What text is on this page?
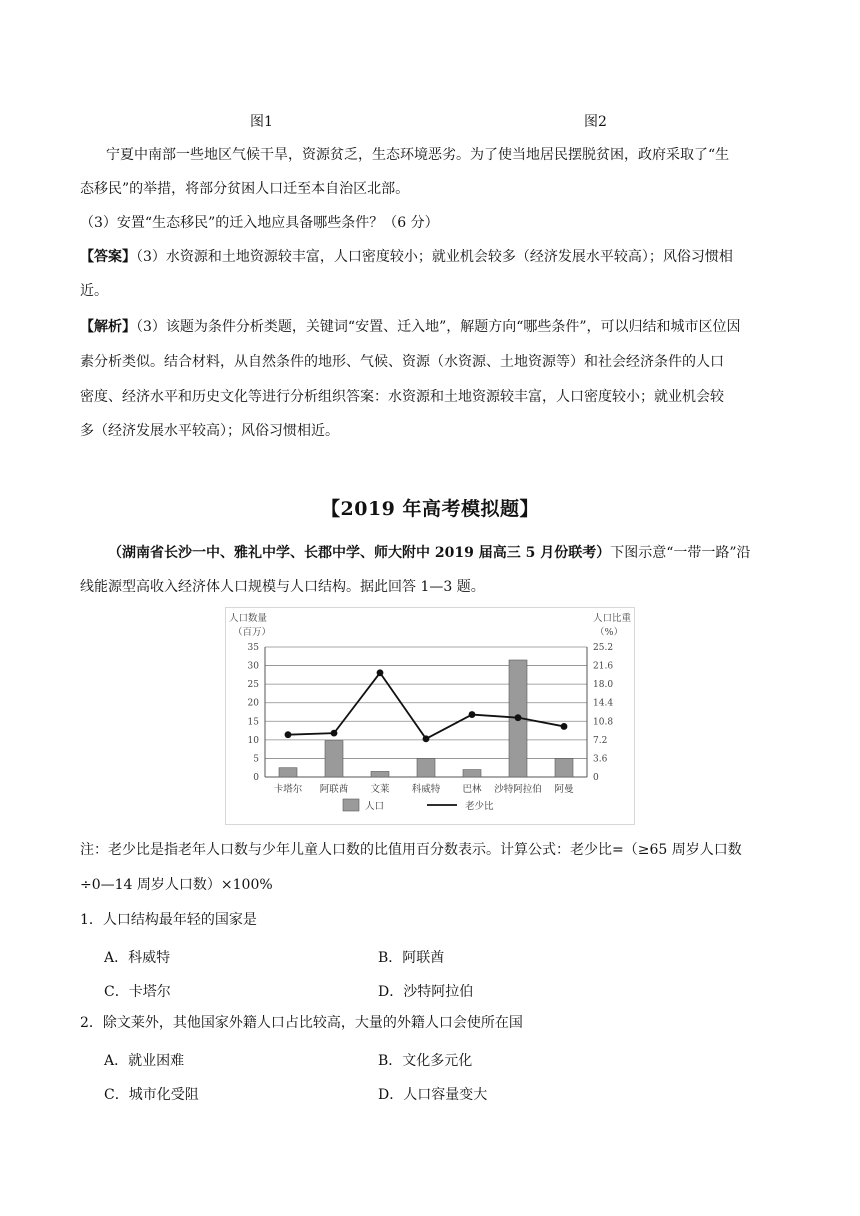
图1	图2
宁夏中南部一些地区气候干旱，资源贫乏，生态环境恶劣。为了使当地居民摆脱贫困，政府采取了“生
态移民”的举措，将部分贫困人口迁至本自治区北部。
（3）安置“生态移民”的迁入地应具备哪些条件？（6 分）
【答案】（3）水资源和土地资源较丰富，人口密度较小；就业机会较多（经济发展水平较高）；风俗习惯相
近。
【解析】（3）该题为条件分析类题，关键词“安置、迁入地”，解题方向“哪些条件”，可以归结和城市区位因
素分析类似。结合材料，从自然条件的地形、气候、资源（水资源、土地资源等）和社会经济条件的人口
密度、经济水平和历史文化等进行分析组织答案：水资源和土地资源较丰富，人口密度较小；就业机会较
多（经济发展水平较高）；风俗习惯相近。
【2019 年高考模拟题】
（湖南省长沙一中、雅礼中学、长郡中学、师大附中 2019 届高三 5 月份联考）下图示意“一带一路”沿
线能源型高收入经济体人口规模与人口结构。据此回答 1—3 题。
0
5
10
15
20
25
30
35
0
3.6
7.2
10.8
14.4
18.0
21.6
25.2
人口数量
（百万）
人口比重
（%）
卡塔尔 阿联酋 文莱 科威特 巴林 沙特阿拉伯 阿曼
人口	老少比
注：老少比是指老年人口数与少年儿童人口数的比值用百分数表示。计算公式：老少比=（≥65 周岁人口数
÷0—14 周岁人口数）×100%
1．人口结构最年轻的国家是
A．科威特	B．阿联酋
C．卡塔尔	D．沙特阿拉伯
2．除文莱外，其他国家外籍人口占比较高，大量的外籍人口会使所在国
A．就业困难	B．文化多元化
C．城市化受阻	D．人口容量变大
